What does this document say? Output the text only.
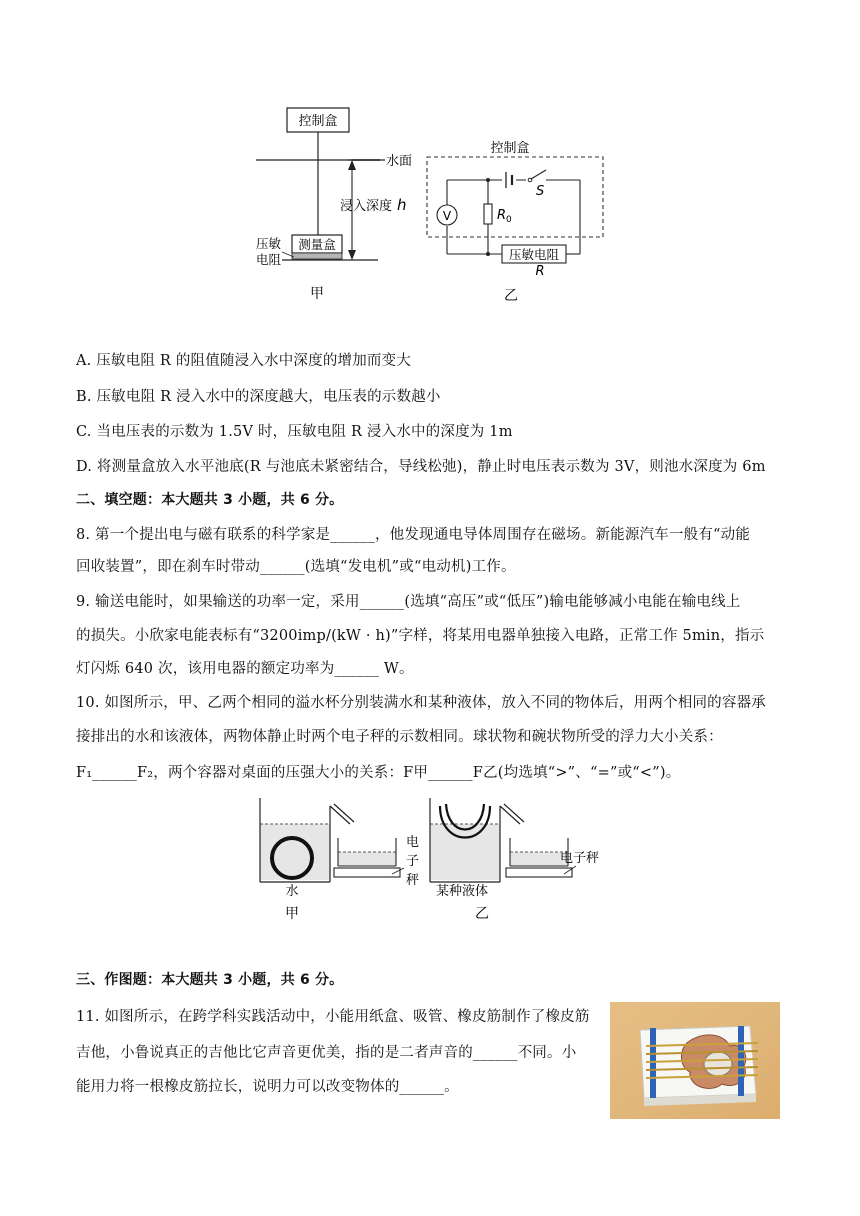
控制盒
水面
浸入深度 h
测量盒
压敏
电阻
甲
控制盒
S
V	$R_0$
压敏电阻
R
乙
A. 压敏电阻 R 的阻值随浸入水中深度的增加而变大
B. 压敏电阻 R 浸入水中的深度越大，电压表的示数越小
C. 当电压表的示数为 1.5V 时，压敏电阻 R 浸入水中的深度为 1m
D. 将测量盒放入水平池底(R 与池底未紧密结合，导线松弛)，静止时电压表示数为 3V，则池水深度为 6m
二、填空题：本大题共 3 小题，共 6 分。
8. 第一个提出电与磁有联系的科学家是______，他发现通电导体周围存在磁场。新能源汽车一般有“动能
回收装置”，即在刹车时带动______(选填“发电机”或“电动机)工作。
9. 输送电能时，如果输送的功率一定，采用______(选填“高压”或“低压”)输电能够减小电能在输电线上
的损失。小欣家电能表标有“3200imp/(kW · h)”字样，将某用电器单独接入电路，正常工作 5min，指示
灯闪烁 640 次，该用电器的额定功率为______ W。
10. 如图所示，甲、乙两个相同的溢水杯分别装满水和某种液体，放入不同的物体后，用两个相同的容器承
接排出的水和该液体，两物体静止时两个电子秤的示数相同。球状物和碗状物所受的浮力大小关系：
F₁______F₂，两个容器对桌面的压强大小的关系：F甲______F乙(均选填“>”、“=”或“<”)。
水
甲
电
子
秤
某种液体
乙
电子秤
三、作图题：本大题共 3 小题，共 6 分。
11. 如图所示，在跨学科实践活动中，小能用纸盒、吸管、橡皮筋制作了橡皮筋
吉他，小鲁说真正的吉他比它声音更优美，指的是二者声音的______不同。小
能用力将一根橡皮筋拉长，说明力可以改变物体的______。
